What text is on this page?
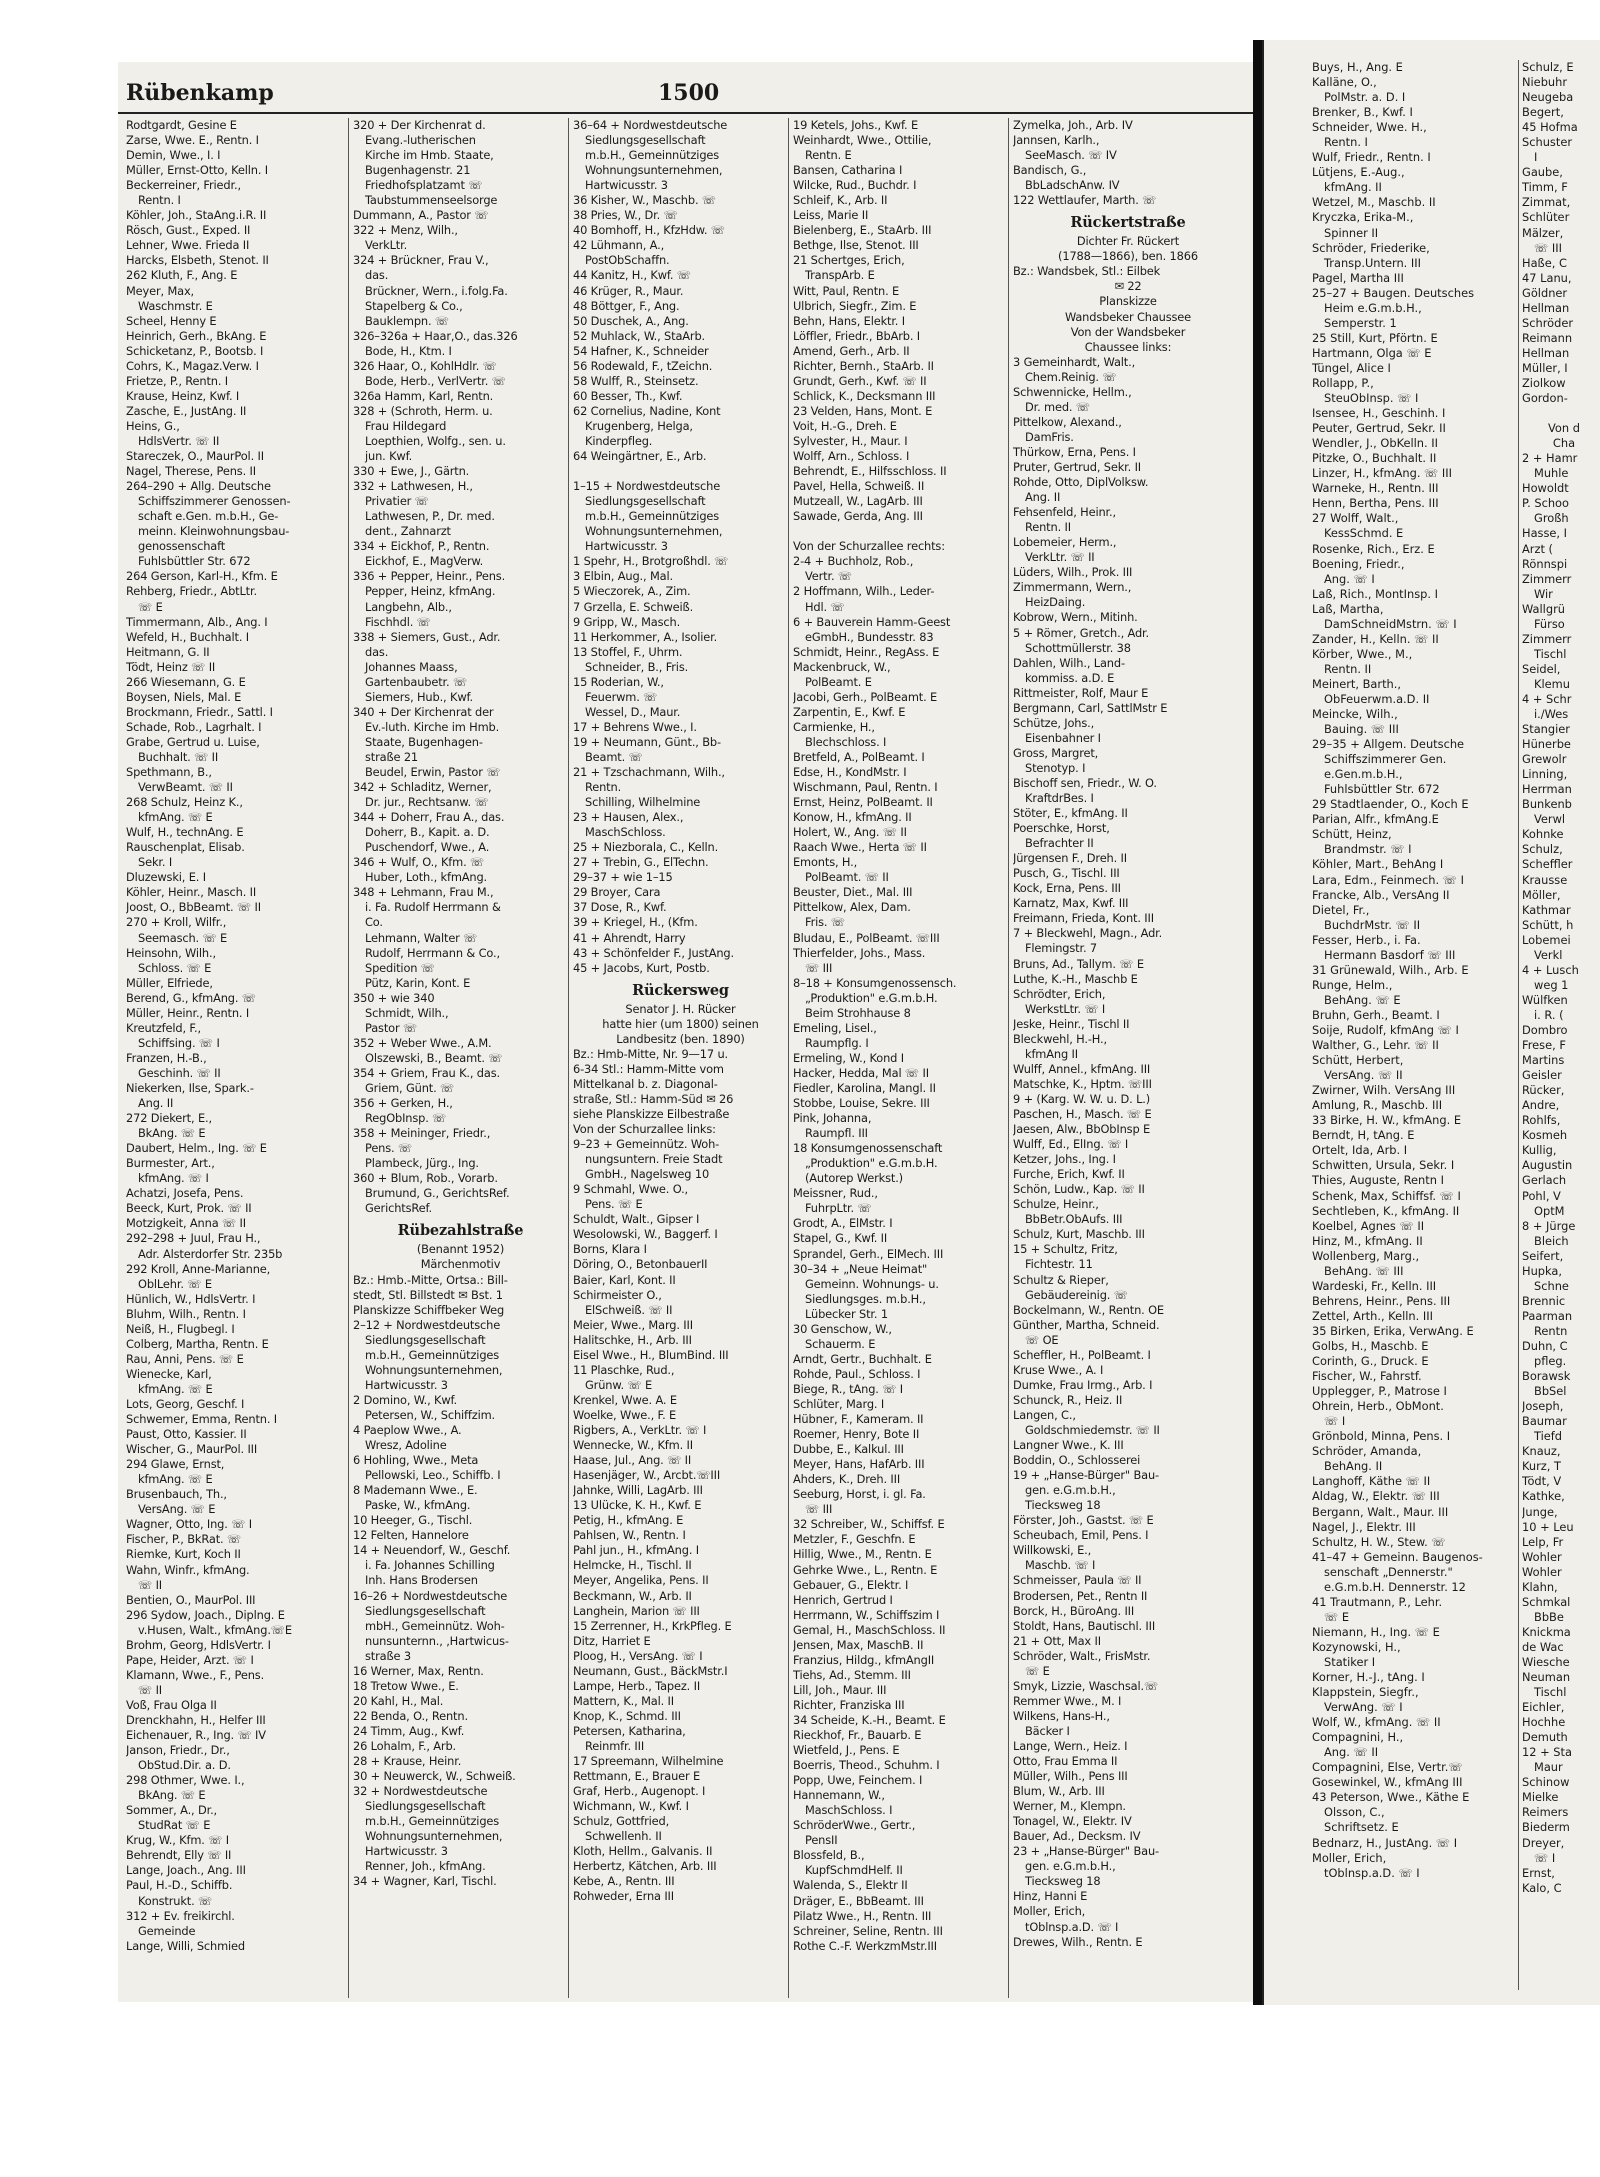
Rübenkamp	1500
Rodtgardt, Gesine E
Zarse, Wwe. E., Rentn. I
Demin, Wwe., I. I
Müller, Ernst-Otto, Kelln. I
Beckerreiner, Friedr.,
Rentn. I
Köhler, Joh., StaAng.i.R. II
Rösch, Gust., Exped. II
Lehner, Wwe. Frieda II
Harcks, Elsbeth, Stenot. II
262 Kluth, F., Ang. E
Meyer, Max,
Waschmstr. E
Scheel, Henny E
Heinrich, Gerh., BkAng. E
Schicketanz, P., Bootsb. I
Cohrs, K., Magaz.Verw. I
Frietze, P., Rentn. I
Krause, Heinz, Kwf. I
Zasche, E., JustAng. II
Heins, G.,
HdlsVertr. ☏ II
Stareczek, O., MaurPol. II
Nagel, Therese, Pens. II
264–290 + Allg. Deutsche
Schiffszimmerer Genossen-
schaft e.Gen. m.b.H., Ge-
meinn. Kleinwohnungsbau-
genossenschaft
Fuhlsbüttler Str. 672
264 Gerson, Karl-H., Kfm. E
Rehberg, Friedr., AbtLtr.
☏ E
Timmermann, Alb., Ang. I
Wefeld, H., Buchhalt. I
Heitmann, G. II
Tödt, Heinz ☏ II
266 Wiesemann, G. E
Boysen, Niels, Mal. E
Brockmann, Friedr., Sattl. I
Schade, Rob., Lagrhalt. I
Grabe, Gertrud u. Luise,
Buchhalt. ☏ II
Spethmann, B.,
VerwBeamt. ☏ II
268 Schulz, Heinz K.,
kfmAng. ☏ E
Wulf, H., technAng. E
Rauschenplat, Elisab.
Sekr. I
Dluzewski, E. I
Köhler, Heinr., Masch. II
Joost, O., BbBeamt. ☏ II
270 + Kroll, Wilfr.,
Seemasch. ☏ E
Heinsohn, Wilh.,
Schloss. ☏ E
Müller, Elfriede,
Berend, G., kfmAng. ☏
Müller, Heinr., Rentn. I
Kreutzfeld, F.,
Schiffsing. ☏ I
Franzen, H.-B.,
Geschinh. ☏ II
Niekerken, Ilse, Spark.-
Ang. II
272 Diekert, E.,
BkAng. ☏ E
Daubert, Helm., Ing. ☏ E
Burmester, Art.,
kfmAng. ☏ I
Achatzi, Josefa, Pens.
Beeck, Kurt, Prok. ☏ II
Motzigkeit, Anna ☏ II
292–298 + Juul, Frau H.,
Adr. Alsterdorfer Str. 235b
292 Kroll, Anne-Marianne,
OblLehr. ☏ E
Hünlich, W., HdlsVertr. I
Bluhm, Wilh., Rentn. I
Neiß, H., Flugbegl. I
Colberg, Martha, Rentn. E
Rau, Anni, Pens. ☏ E
Wienecke, Karl,
kfmAng. ☏ E
Lots, Georg, Geschf. I
Schwemer, Emma, Rentn. I
Paust, Otto, Kassier. II
Wischer, G., MaurPol. III
294 Glawe, Ernst,
kfmAng. ☏ E
Brusenbauch, Th.,
VersAng. ☏ E
Wagner, Otto, Ing. ☏ I
Fischer, P., BkRat. ☏
Riemke, Kurt, Koch II
Wahn, Winfr., kfmAng.
☏ II
Bentien, O., MaurPol. III
296 Sydow, Joach., Diplng. E
v.Husen, Walt., kfmAng.☏E
Brohm, Georg, HdlsVertr. I
Pape, Heider, Arzt. ☏ I
Klamann, Wwe., F., Pens.
☏ II
Voß, Frau Olga II
Drenckhahn, H., Helfer III
Eichenauer, R., Ing. ☏ IV
Janson, Friedr., Dr.,
ObStud.Dir. a. D.
298 Othmer, Wwe. I.,
BkAng. ☏ E
Sommer, A., Dr.,
StudRat ☏ E
Krug, W., Kfm. ☏ I
Behrendt, Elly ☏ II
Lange, Joach., Ang. III
Paul, H.-D., Schiffb.
Konstrukt. ☏
312 + Ev. freikirchl.
Gemeinde
Lange, Willi, Schmied
320 + Der Kirchenrat d.
Evang.-lutherischen
Kirche im Hmb. Staate,
Bugenhagenstr. 21
Friedhofsplatzamt ☏
Taubstummenseelsorge
Dummann, A., Pastor ☏
322 + Menz, Wilh.,
VerkLtr.
324 + Brückner, Frau V.,
das.
Brückner, Wern., i.folg.Fa.
Stapelberg & Co.,
Bauklempn. ☏
326–326a + Haar,O., das.326
Bode, H., Ktm. I
326 Haar, O., KohlHdlr. ☏
Bode, Herb., VerlVertr. ☏
326a Hamm, Karl, Rentn.
328 + (Schroth, Herm. u.
Frau Hildegard
Loepthien, Wolfg., sen. u.
jun. Kwf.
330 + Ewe, J., Gärtn.
332 + Lathwesen, H.,
Privatier ☏
Lathwesen, P., Dr. med.
dent., Zahnarzt
334 + Eickhof, P., Rentn.
Eickhof, E., MagVerw.
336 + Pepper, Heinr., Pens.
Pepper, Heinz, kfmAng.
Langbehn, Alb.,
Fischhdl. ☏
338 + Siemers, Gust., Adr.
das.
Johannes Maass,
Gartenbaubetr. ☏
Siemers, Hub., Kwf.
340 + Der Kirchenrat der
Ev.-luth. Kirche im Hmb.
Staate, Bugenhagen-
straße 21
Beudel, Erwin, Pastor ☏
342 + Schladitz, Werner,
Dr. jur., Rechtsanw. ☏
344 + Doherr, Frau A., das.
Doherr, B., Kapit. a. D.
Puschendorf, Wwe., A.
346 + Wulf, O., Kfm. ☏
Huber, Loth., kfmAng.
348 + Lehmann, Frau M.,
i. Fa. Rudolf Herrmann &
Co.
Lehmann, Walter ☏
Rudolf, Herrmann & Co.,
Spedition ☏
Pütz, Karin, Kont. E
350 + wie 340
Schmidt, Wilh.,
Pastor ☏
352 + Weber Wwe., A.M.
Olszewski, B., Beamt. ☏
354 + Griem, Frau K., das.
Griem, Günt. ☏
356 + Gerken, H.,
RegObInsp. ☏
358 + Meininger, Friedr.,
Pens. ☏
Plambeck, Jürg., Ing.
360 + Blum, Rob., Vorarb.
Brumund, G., GerichtsRef.
GerichtsRef.
Rübezahlstraße
(Benannt 1952)
Märchenmotiv
Bz.: Hmb.-Mitte, Ortsa.: Bill-
stedt, Stl. Billstedt ✉ Bst. 1
Planskizze Schiffbeker Weg
2–12 + Nordwestdeutsche
Siedlungsgesellschaft
m.b.H., Gemeinnütziges
Wohnungsunternehmen,
Hartwicusstr. 3
2 Domino, W., Kwf.
Petersen, W., Schiffzim.
4 Paeplow Wwe., A.
Wresz, Adoline
6 Hohling, Wwe., Meta
Pellowski, Leo., Schiffb. I
8 Mademann Wwe., E.
Paske, W., kfmAng.
10 Heeger, G., Tischl.
12 Felten, Hannelore
14 + Neuendorf, W., Geschf.
i. Fa. Johannes Schilling
Inh. Hans Brodersen
16–26 + Nordwestdeutsche
Siedlungsgesellschaft
mbH., Gemeinnütz. Woh-
nunsunternn., ,Hartwicus-
straße 3
16 Werner, Max, Rentn.
18 Tretow Wwe., E.
20 Kahl, H., Mal.
22 Benda, O., Rentn.
24 Timm, Aug., Kwf.
26 Lohalm, F., Arb.
28 + Krause, Heinr.
30 + Neuwerck, W., Schweiß.
32 + Nordwestdeutsche
Siedlungsgesellschaft
m.b.H., Gemeinnütziges
Wohnungsunternehmen,
Hartwicusstr. 3
Renner, Joh., kfmAng.
34 + Wagner, Karl, Tischl.
36–64 + Nordwestdeutsche
Siedlungsgesellschaft
m.b.H., Gemeinnütziges
Wohnungsunternehmen,
Hartwicusstr. 3
36 Kisher, W., Maschb. ☏
38 Pries, W., Dr. ☏
40 Bomhoff, H., KfzHdw. ☏
42 Lühmann, A.,
PostObSchaffn.
44 Kanitz, H., Kwf. ☏
46 Krüger, R., Maur.
48 Böttger, F., Ang.
50 Duschek, A., Ang.
52 Muhlack, W., StaArb.
54 Hafner, K., Schneider
56 Rodewald, F., tZeichn.
58 Wulff, R., Steinsetz.
60 Besser, Th., Kwf.
62 Cornelius, Nadine, Kont
Krugenberg, Helga,
Kinderpfleg.
64 Weingärtner, E., Arb.
1–15 + Nordwestdeutsche
Siedlungsgesellschaft
m.b.H., Gemeinnütziges
Wohnungsunternehmen,
Hartwicusstr. 3
1 Spehr, H., Brotgroßhdl. ☏
3 Elbin, Aug., Mal.
5 Wieczorek, A., Zim.
7 Grzella, E. Schweiß.
9 Gripp, W., Masch.
11 Herkommer, A., Isolier.
13 Stoffel, F., Uhrm.
Schneider, B., Fris.
15 Roderian, W.,
Feuerwm. ☏
Wessel, D., Maur.
17 + Behrens Wwe., I.
19 + Neumann, Günt., Bb-
Beamt. ☏
21 + Tzschachmann, Wilh.,
Rentn.
Schilling, Wilhelmine
23 + Hausen, Alex.,
MaschSchloss.
25 + Niezborala, C., Kelln.
27 + Trebin, G., ElTechn.
29–37 + wie 1–15
29 Broyer, Cara
37 Dose, R., Kwf.
39 + Kriegel, H., (Kfm.
41 + Ahrendt, Harry
43 + Schönfelder F., JustAng.
45 + Jacobs, Kurt, Postb.
Rückersweg
Senator J. H. Rücker
hatte hier (um 1800) seinen
Landbesitz (ben. 1890)
Bz.: Hmb-Mitte, Nr. 9—17 u.
6-34 Stl.: Hamm-Mitte vom
Mittelkanal b. z. Diagonal-
straße, Stl.: Hamm-Süd ✉ 26
siehe Planskizze Eilbestraße
Von der Schurzallee links:
9–23 + Gemeinnütz. Woh-
nungsuntern. Freie Stadt
GmbH., Nagelsweg 10
9 Schmahl, Wwe. O.,
Pens. ☏ E
Schuldt, Walt., Gipser I
Wesolowski, W., Baggerf. I
Borns, Klara I
Döring, O., BetonbauerII
Baier, Karl, Kont. II
Schirmeister O.,
ElSchweiß. ☏ II
Meier, Wwe., Marg. III
Halitschke, H., Arb. III
Eisel Wwe., H., BlumBind. III
11 Plaschke, Rud.,
Grünw. ☏ E
Krenkel, Wwe. A. E
Woelke, Wwe., F. E
Rigbers, A., VerkLtr. ☏ I
Wennecke, W., Kfm. II
Haase, Jul., Ang. ☏ II
Hasenjäger, W., Arcbt.☏III
Jahnke, Willi, LagArb. III
13 Ulücke, K. H., Kwf. E
Petig, H., kfmAng. E
Pahlsen, W., Rentn. I
Pahl jun., H., kfmAng. I
Helmcke, H., Tischl. II
Meyer, Angelika, Pens. II
Beckmann, W., Arb. II
Langhein, Marion ☏ III
15 Zerrenner, H., KrkPfleg. E
Ditz, Harriet E
Ploog, H., VersAng. ☏ I
Neumann, Gust., BäckMstr.I
Lampe, Herb., Tapez. II
Mattern, K., Mal. II
Knop, K., Schmd. III
Petersen, Katharina,
Reinmfr. III
17 Spreemann, Wilhelmine
Rettmann, E., Brauer E
Graf, Herb., Augenopt. I
Wichmann, W., Kwf. I
Schulz, Gottfried,
Schwellenh. II
Kloth, Hellm., Galvanis. II
Herbertz, Kätchen, Arb. III
Kebe, A., Rentn. III
Rohweder, Erna III
19 Ketels, Johs., Kwf. E
Weinhardt, Wwe., Ottilie,
Rentn. E
Bansen, Catharina I
Wilcke, Rud., Buchdr. I
Schleif, K., Arb. II
Leiss, Marie II
Bielenberg, E., StaArb. III
Bethge, Ilse, Stenot. III
21 Schertges, Erich,
TranspArb. E
Witt, Paul, Rentn. E
Ulbrich, Siegfr., Zim. E
Behn, Hans, Elektr. I
Löffler, Friedr., BbArb. I
Amend, Gerh., Arb. II
Richter, Bernh., StaArb. II
Grundt, Gerh., Kwf. ☏ II
Schlick, K., Decksmann III
23 Velden, Hans, Mont. E
Voit, H.-G., Dreh. E
Sylvester, H., Maur. I
Wolff, Arn., Schloss. I
Behrendt, E., Hilfsschloss. II
Pavel, Hella, Schweiß. II
Mutzeall, W., LagArb. III
Sawade, Gerda, Ang. III
Von der Schurzallee rechts:
2-4 + Buchholz, Rob.,
Vertr. ☏
2 Hoffmann, Wilh., Leder-
Hdl. ☏
6 + Bauverein Hamm-Geest
eGmbH., Bundesstr. 83
Schmidt, Heinr., RegAss. E
Mackenbruck, W.,
PolBeamt. E
Jacobi, Gerh., PolBeamt. E
Zarpentin, E., Kwf. E
Carmienke, H.,
Blechschloss. I
Bretfeld, A., PolBeamt. I
Edse, H., KondMstr. I
Wischmann, Paul, Rentn. I
Ernst, Heinz, PolBeamt. II
Konow, H., kfmAng. II
Holert, W., Ang. ☏ II
Raach Wwe., Herta ☏ II
Emonts, H.,
PolBeamt. ☏ II
Beuster, Diet., Mal. III
Pittelkow, Alex, Dam.
Fris. ☏
Bludau, E., PolBeamt. ☏III
Thierfelder, Johs., Mass.
☏ III
8–18 + Konsumgenossensch.
„Produktion" e.G.m.b.H.
Beim Strohhause 8
Emeling, Lisel.,
Raumpflg. I
Ermeling, W., Kond I
Hacker, Hedda, Mal ☏ II
Fiedler, Karolina, Mangl. II
Stobbe, Louise, Sekre. III
Pink, Johanna,
Raumpfl. III
18 Konsumgenossenschaft
„Produktion" e.G.m.b.H.
(Autorep Werkst.)
Meissner, Rud.,
FuhrpLtr. ☏
Grodt, A., ElMstr. I
Stapel, G., Kwf. II
Sprandel, Gerh., ElMech. III
30–34 + „Neue Heimat"
Gemeinn. Wohnungs- u.
Siedlungsges. m.b.H.,
Lübecker Str. 1
30 Genschow, W.,
Schauerm. E
Arndt, Gertr., Buchhalt. E
Rohde, Paul., Schloss. I
Biege, R., tAng. ☏ I
Schlüter, Marg. I
Hübner, F., Kameram. II
Roemer, Henry, Bote II
Dubbe, E., Kalkul. III
Meyer, Hans, HafArb. III
Ahders, K., Dreh. III
Seeburg, Horst, i. gl. Fa.
☏ III
32 Schreiber, W., Schiffsf. E
Metzler, F., Geschfn. E
Hillig, Wwe., M., Rentn. E
Gehrke Wwe., L., Rentn. E
Gebauer, G., Elektr. I
Henrich, Gertrud I
Herrmann, W., Schiffszim I
Gemal, H., MaschSchloss. II
Jensen, Max, MaschB. II
Franzius, Hildg., kfmAngII
Tiehs, Ad., Stemm. III
Lill, Joh., Maur. III
Richter, Franziska III
34 Scheide, K.-H., Beamt. E
Rieckhof, Fr., Bauarb. E
Wietfeld, J., Pens. E
Boerris, Theod., Schuhm. I
Popp, Uwe, Feinchem. I
Hannemann, W.,
MaschSchloss. I
SchröderWwe., Gertr.,
PensII
Blossfeld, B.,
KupfSchmdHelf. II
Walenda, S., Elektr II
Dräger, E., BbBeamt. III
Pilatz Wwe., H., Rentn. III
Schreiner, Seline, Rentn. III
Rothe C.-F. WerkzmMstr.III
Zymelka, Joh., Arb. IV
Jannsen, Karlh.,
SeeMasch. ☏ IV
Bandisch, G.,
BbLadschAnw. IV
122 Wettlaufer, Marth. ☏
Rückertstraße
Dichter Fr. Rückert
(1788—1866), ben. 1866
Bz.: Wandsbek, Stl.: Eilbek
✉ 22
Planskizze
Wandsbeker Chaussee
Von der Wandsbeker
Chaussee links:
3 Gemeinhardt, Walt.,
Chem.Reinig. ☏
Schwennicke, Hellm.,
Dr. med. ☏
Pittelkow, Alexand.,
DamFris.
Thürkow, Erna, Pens. I
Pruter, Gertrud, Sekr. II
Rohde, Otto, DiplVolksw.
Ang. II
Fehsenfeld, Heinr.,
Rentn. II
Lobemeier, Herm.,
VerkLtr. ☏ II
Lüders, Wilh., Prok. III
Zimmermann, Wern.,
HeizDaing.
Kobrow, Wern., Mitinh.
5 + Römer, Gretch., Adr.
Schottmüllerstr. 38
Dahlen, Wilh., Land-
kommiss. a.D. E
Rittmeister, Rolf, Maur E
Bergmann, Carl, SattlMstr E
Schütze, Johs.,
Eisenbahner I
Gross, Margret,
Stenotyp. I
Bischoff sen, Friedr., W. O.
KraftdrBes. I
Stöter, E., kfmAng. II
Poerschke, Horst,
Befrachter II
Jürgensen F., Dreh. II
Pusch, G., Tischl. III
Kock, Erna, Pens. III
Karnatz, Max, Kwf. III
Freimann, Frieda, Kont. III
7 + Bleckwehl, Magn., Adr.
Flemingstr. 7
Bruns, Ad., Tallym. ☏ E
Luthe, K.-H., Maschb E
Schrödter, Erich,
WerkstLtr. ☏ I
Jeske, Heinr., Tischl II
Bleckwehl, H.-H.,
kfmAng II
Wulff, Annel., kfmAng. III
Matschke, K., Hptm. ☏III
9 + (Karg. W. W. u. D. L.)
Paschen, H., Masch. ☏ E
Jaesen, Alw., BbObInsp E
Wulff, Ed., ElIng. ☏ I
Ketzer, Johs., Ing. I
Furche, Erich, Kwf. II
Schön, Ludw., Kap. ☏ II
Schulze, Heinr.,
BbBetr.ObAufs. III
Schulz, Kurt, Maschb. III
15 + Schultz, Fritz,
Fichtestr. 11
Schultz & Rieper,
Gebäudereinig. ☏
Bockelmann, W., Rentn. OE
Günther, Martha, Schneid.
☏ OE
Scheffler, H., PolBeamt. I
Kruse Wwe., A. I
Dumke, Frau Irmg., Arb. I
Schunck, R., Heiz. II
Langen, C.,
Goldschmiedemstr. ☏ II
Langner Wwe., K. III
Boddin, O., Schlosserei
19 + „Hanse-Bürger" Bau-
gen. e.G.m.b.H.,
Tiecksweg 18
Förster, Joh., Gastst. ☏ E
Scheubach, Emil, Pens. I
Willkowski, E.,
Maschb. ☏ I
Schmeisser, Paula ☏ II
Brodersen, Pet., Rentn II
Borck, H., BüroAng. III
Stoldt, Hans, Bautischl. III
21 + Ott, Max II
Schröder, Walt., FrisMstr.
☏ E
Smyk, Lizzie, Waschsal.☏
Remmer Wwe., M. I
Wilkens, Hans-H.,
Bäcker I
Lange, Wern., Heiz. I
Otto, Frau Emma II
Müller, Wilh., Pens III
Blum, W., Arb. III
Werner, M., Klempn.
Tonagel, W., Elektr. IV
Bauer, Ad., Decksm. IV
23 + „Hanse-Bürger" Bau-
gen. e.G.m.b.H.,
Tiecksweg 18
Hinz, Hanni E
Moller, Erich,
tOblnsp.a.D. ☏ I
Drewes, Wilh., Rentn. E
Buys, H., Ang. E
Kalläne, O.,
PolMstr. a. D. I
Brenker, B., Kwf. I
Schneider, Wwe. H.,
Rentn. I
Wulf, Friedr., Rentn. I
Lütjens, E.-Aug.,
kfmAng. II
Wetzel, M., Maschb. II
Kryczka, Erika-M.,
Spinner II
Schröder, Friederike,
Transp.Untern. III
Pagel, Martha III
25–27 + Baugen. Deutsches
Heim e.G.m.b.H.,
Semperstr. 1
25 Still, Kurt, Pförtn. E
Hartmann, Olga ☏ E
Tüngel, Alice I
Rollapp, P.,
SteuObInsp. ☏ I
Isensee, H., Geschinh. I
Peuter, Gertrud, Sekr. II
Wendler, J., ObKelln. II
Pitzke, O., Buchhalt. II
Linzer, H., kfmAng. ☏ III
Warneke, H., Rentn. III
Henn, Bertha, Pens. III
27 Wolff, Walt.,
KessSchmd. E
Rosenke, Rich., Erz. E
Boening, Friedr.,
Ang. ☏ I
Laß, Rich., MontInsp. I
Laß, Martha,
DamSchneidMstrn. ☏ I
Zander, H., Kelln. ☏ II
Körber, Wwe., M.,
Rentn. II
Meinert, Barth.,
ObFeuerwm.a.D. II
Meincke, Wilh.,
Bauing. ☏ III
29–35 + Allgem. Deutsche
Schiffszimmerer Gen.
e.Gen.m.b.H.,
Fuhlsbüttler Str. 672
29 Stadtlaender, O., Koch E
Parian, Alfr., kfmAng.E
Schütt, Heinz,
Brandmstr. ☏ I
Köhler, Mart., BehAng I
Lara, Edm., Feinmech. ☏ I
Francke, Alb., VersAng II
Dietel, Fr.,
BuchdrMstr. ☏ II
Fesser, Herb., i. Fa.
Hermann Basdorf ☏ III
31 Grünewald, Wilh., Arb. E
Runge, Helm.,
BehAng. ☏ E
Bruhn, Gerh., Beamt. I
Soije, Rudolf, kfmAng ☏ I
Walther, G., Lehr. ☏ II
Schütt, Herbert,
VersAng. ☏ II
Zwirner, Wilh. VersAng III
Amlung, R., Maschb. III
33 Birke, H. W., kfmAng. E
Berndt, H, tAng. E
Ortelt, Ida, Arb. I
Schwitten, Ursula, Sekr. I
Thies, Auguste, Rentn I
Schenk, Max, Schiffsf. ☏ I
Sechtleben, K., kfmAng. II
Koelbel, Agnes ☏ II
Hinz, M., kfmAng. II
Wollenberg, Marg.,
BehAng. ☏ III
Wardeski, Fr., Kelln. III
Behrens, Heinr., Pens. III
Zettel, Arth., Kelln. III
35 Birken, Erika, VerwAng. E
Golbs, H., Maschb. E
Corinth, G., Druck. E
Fischer, W., Fahrstf.
Upplegger, P., Matrose I
Ohrein, Herb., ObMont.
☏ I
Grönbold, Minna, Pens. I
Schröder, Amanda,
BehAng. II
Langhoff, Käthe ☏ II
Aldag, W., Elektr. ☏ III
Bergann, Walt., Maur. III
Nagel, J., Elektr. III
Schultz, H. W., Stew. ☏
41–47 + Gemeinn. Baugenos-
senschaft „Dennerstr."
e.G.m.b.H. Dennerstr. 12
41 Trautmann, P., Lehr.
☏ E
Niemann, H., Ing. ☏ E
Kozynowski, H.,
Statiker I
Korner, H.-J., tAng. I
Klappstein, Siegfr.,
VerwAng. ☏ I
Wolf, W., kfmAng. ☏ II
Compagnini, H.,
Ang. ☏ II
Compagnini, Else, Vertr.☏
Gosewinkel, W., kfmAng III
43 Peterson, Wwe., Käthe E
Olsson, C.,
Schriftsetz. E
Bednarz, H., JustAng. ☏ I
Moller, Erich,
tOblnsp.a.D. ☏ I
Schulz, E
Niebuhr
Neugeba
Begert,
45 Hofma
Schuster
I
Gaube,
Timm, F
Zimmat,
Schlüter
Mälzer,
☏ III
Haße, C
47 Lanu,
Göldner
Hellman
Schröder
Reimann
Hellman
Müller, I
Ziolkow
Gordon-
Von d
Cha
2 + Hamr
Muhle
Howoldt
P. Schoo
Großh
Hasse, I
Arzt (
Rönnspi
Zimmerr
Wir
Wallgrü
Fürso
Zimmerr
Tischl
Seidel,
Klemu
4 + Schr
i./Wes
Stangier
Hünerbe
Grewolr
Linning,
Herrman
Bunkenb
Verwl
Kohnke
Schulz,
Scheffler
Krausse
Möller,
Kathmar
Schütt, h
Lobemei
Verkl
4 + Lusch
weg 1
Wülfken
i. R. (
Dombro
Frese, F
Martins
Geisler
Rücker,
Andre,
Rohlfs,
Kosmeh
Kullig,
Augustin
Gerlach
Pohl, V
OptM
8 + Jürge
Bleich
Seifert,
Hupka,
Schne
Brennic
Paarman
Rentn
Duhn, C
pfleg.
Borawsk
BbSel
Joseph,
Baumar
Tiefd
Knauz,
Kurz, T
Tödt, V
Kathke,
Junge,
10 + Leu
Lelp, Fr
Wohler
Wohler
Klahn,
Schmkal
BbBe
Knickma
de Wac
Wiesche
Neuman
Tischl
Eichler,
Hochhe
Demuth
12 + Sta
Maur
Schinow
Mielke
Reimers
Biederm
Dreyer,
☏ I
Ernst,
Kalo, C
